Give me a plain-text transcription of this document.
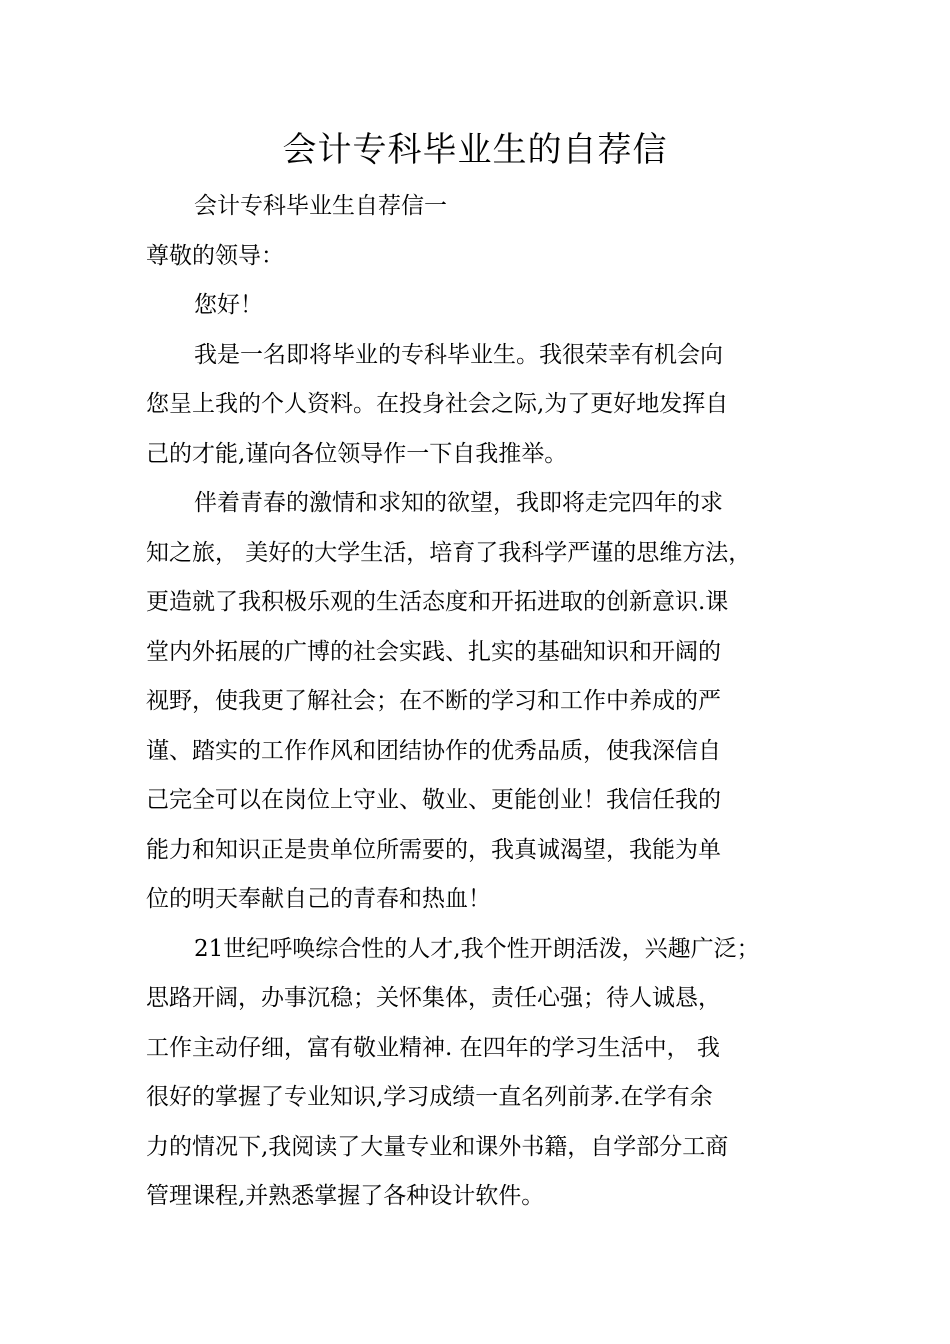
会计专科毕业生的自荐信
会计专科毕业生自荐信一
尊敬的领导：
您好！
我是一名即将毕业的专科毕业生。我很荣幸有机会向
您呈上我的个人资料。在投身社会之际,为了更好地发挥自
己的才能,谨向各位领导作一下自我推举。
伴着青春的激情和求知的欲望，我即将走完四年的求
知之旅， 美好的大学生活，培育了我科学严谨的思维方法，
更造就了我积极乐观的生活态度和开拓进取的创新意识.课
堂内外拓展的广博的社会实践、扎实的基础知识和开阔的
视野，使我更了解社会；在不断的学习和工作中养成的严
谨、踏实的工作作风和团结协作的优秀品质，使我深信自
己完全可以在岗位上守业、敬业、更能创业！我信任我的
能力和知识正是贵单位所需要的，我真诚渴望，我能为单
位的明天奉献自己的青春和热血！
21世纪呼唤综合性的人才,我个性开朗活泼，兴趣广泛；
思路开阔，办事沉稳；关怀集体，责任心强；待人诚恳，
工作主动仔细，富有敬业精神. 在四年的学习生活中， 我
很好的掌握了专业知识,学习成绩一直名列前茅.在学有余
力的情况下,我阅读了大量专业和课外书籍，自学部分工商
管理课程,并熟悉掌握了各种设计软件。
